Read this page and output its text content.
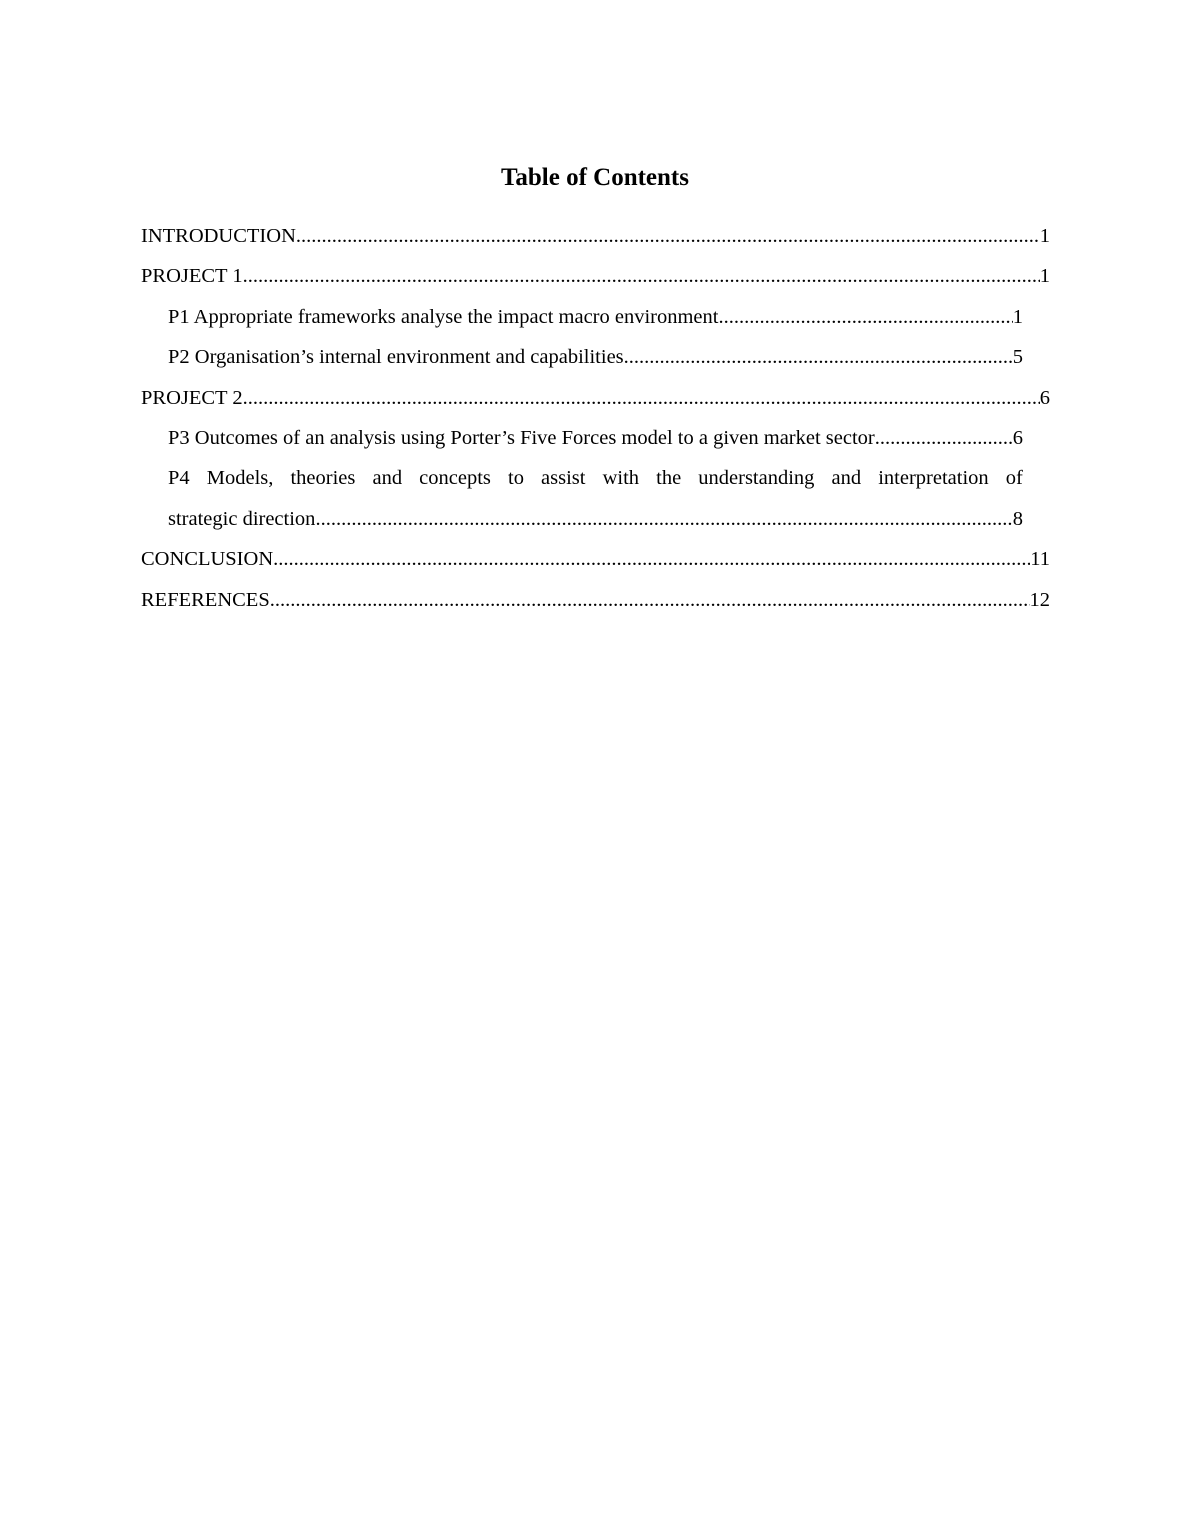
Table of Contents
INTRODUCTION .....	1
PROJECT 1 .....	1
P1 Appropriate frameworks analyse the impact macro environment .....	1
P2 Organisation’s internal environment and capabilities .....	5
PROJECT 2 .....	6
P3 Outcomes of an analysis using Porter’s Five Forces model to a given market sector .....	6
P4 Models, theories and concepts to assist with the understanding and interpretation of
strategic direction .....	8
CONCLUSION .....	11
REFERENCES .....	12
